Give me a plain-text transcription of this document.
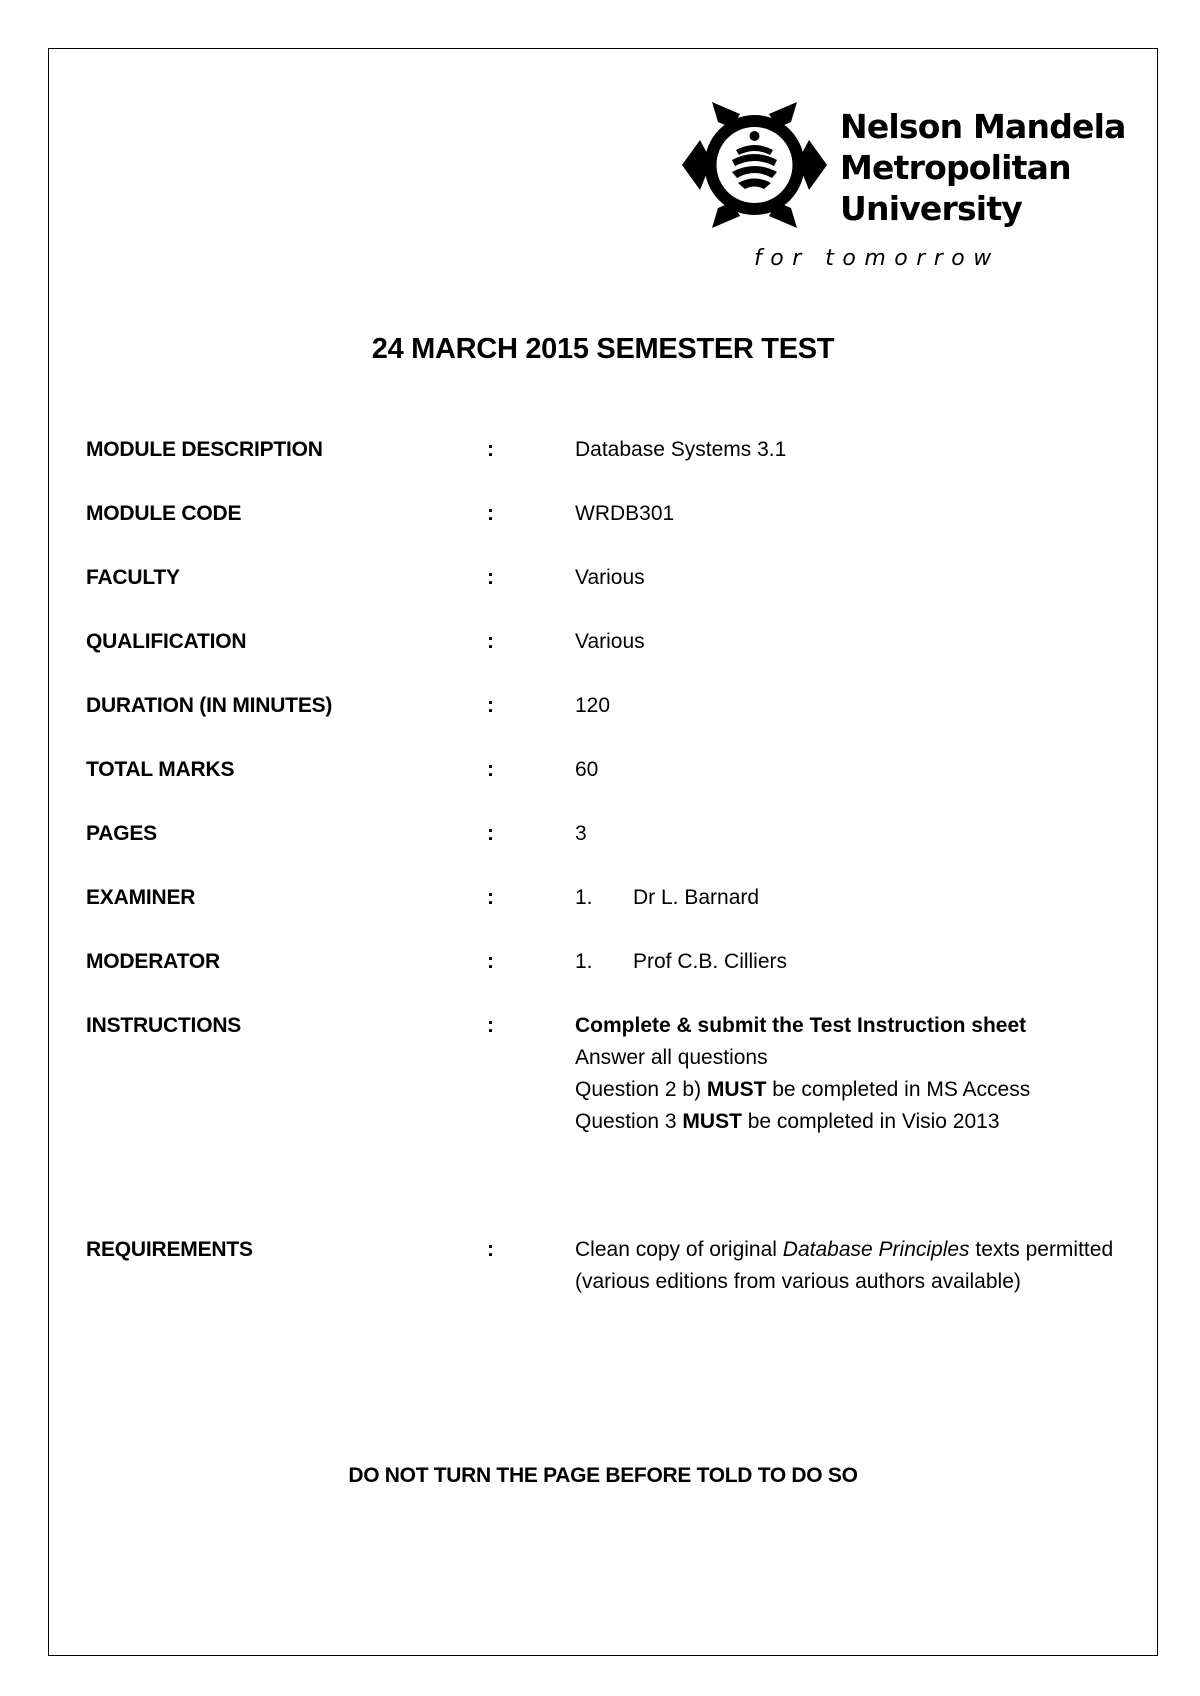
Nelson Mandela
Metropolitan
University
for tomorrow
24 MARCH 2015 SEMESTER TEST
MODULE DESCRIPTION	:	Database Systems 3.1
MODULE CODE	:	WRDB301
FACULTY	:	Various
QUALIFICATION	:	Various
DURATION (IN MINUTES)	:	120
TOTAL MARKS	:	60
PAGES	:	3
EXAMINER	:	1. Dr L. Barnard
MODERATOR	:	1. Prof C.B. Cilliers
INSTRUCTIONS	:	Complete & submit the Test Instruction sheet
Answer all questions
Question 2 b) MUST be completed in MS Access
Question 3 MUST be completed in Visio 2013
REQUIREMENTS	:	Clean copy of original Database Principles texts permitted (various editions from various authors available)
DO NOT TURN THE PAGE BEFORE TOLD TO DO SO
